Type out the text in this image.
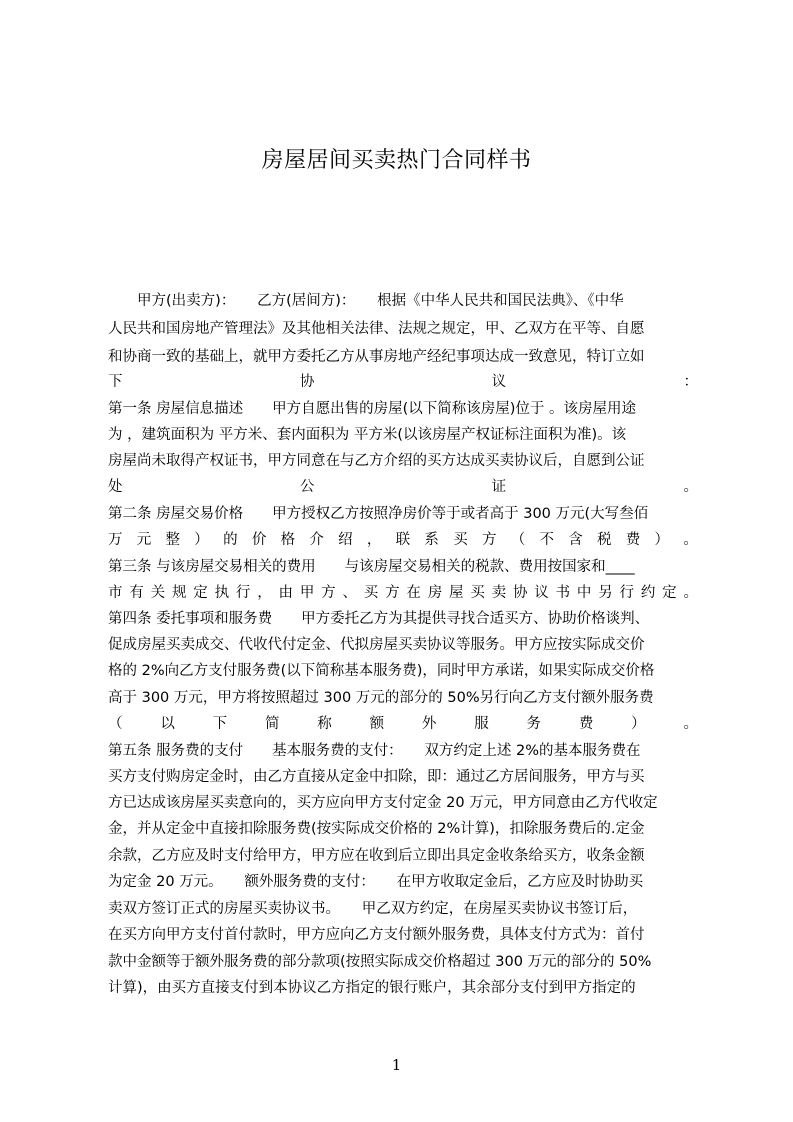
房屋居间买卖热门合同样书
　　甲方(出卖方)：　　乙方(居间方)：　　根据《中华人民共和国民法典》、《中华
人民共和国房地产管理法》及其他相关法律、法规之规定，甲、乙双方在平等、自愿
和协商一致的基础上，就甲方委托乙方从事房地产经纪事项达成一致意见，特订立如
下	协	议	：
第一条 房屋信息描述　　甲方自愿出售的房屋(以下简称该房屋)位于 。该房屋用途
为 ，建筑面积为 平方米、套内面积为 平方米(以该房屋产权证标注面积为准)。该
房屋尚未取得产权证书，甲方同意在与乙方介绍的买方达成买卖协议后，自愿到公证
处	公	证	。
第二条 房屋交易价格　　甲方授权乙方按照净房价等于或者高于 300 万元(大写叁佰
万 元 整 ） 的 价 格 介 绍 ， 联 系 买 方 （ 不 含 税 费 ） 。
第三条 与该房屋交易相关的费用　　与该房屋交易相关的税款、费用按国家和____
市 有 关 规 定 执 行 ， 由 甲 方 、 买 方 在 房 屋 买 卖 协 议 书 中 另 行 约 定 。
第四条 委托事项和服务费　　甲方委托乙方为其提供寻找合适买方、协助价格谈判、
促成房屋买卖成交、代收代付定金、代拟房屋买卖协议等服务。甲方应按实际成交价
格的 2%向乙方支付服务费(以下简称基本服务费)，同时甲方承诺，如果实际成交价格
高于 300 万元，甲方将按照超过 300 万元的部分的 50%另行向乙方支付额外服务费
（	以	下	简	称	额	外	服	务	费	）	。
第五条 服务费的支付　　基本服务费的支付：　　双方约定上述 2%的基本服务费在
买方支付购房定金时，由乙方直接从定金中扣除，即：通过乙方居间服务，甲方与买
方已达成该房屋买卖意向的，买方应向甲方支付定金 20 万元，甲方同意由乙方代收定
金，并从定金中直接扣除服务费(按实际成交价格的 2%计算)，扣除服务费后的.定金
余款，乙方应及时支付给甲方，甲方应在收到后立即出具定金收条给买方，收条金额
为定金 20 万元。　　额外服务费的支付：　　在甲方收取定金后，乙方应及时协助买
卖双方签订正式的房屋买卖协议书。　　甲乙双方约定，在房屋买卖协议书签订后，
在买方向甲方支付首付款时，甲方应向乙方支付额外服务费，具体支付方式为：首付
款中金额等于额外服务费的部分款项(按照实际成交价格超过 300 万元的部分的 50%
计算)，由买方直接支付到本协议乙方指定的银行账户，其余部分支付到甲方指定的
1
